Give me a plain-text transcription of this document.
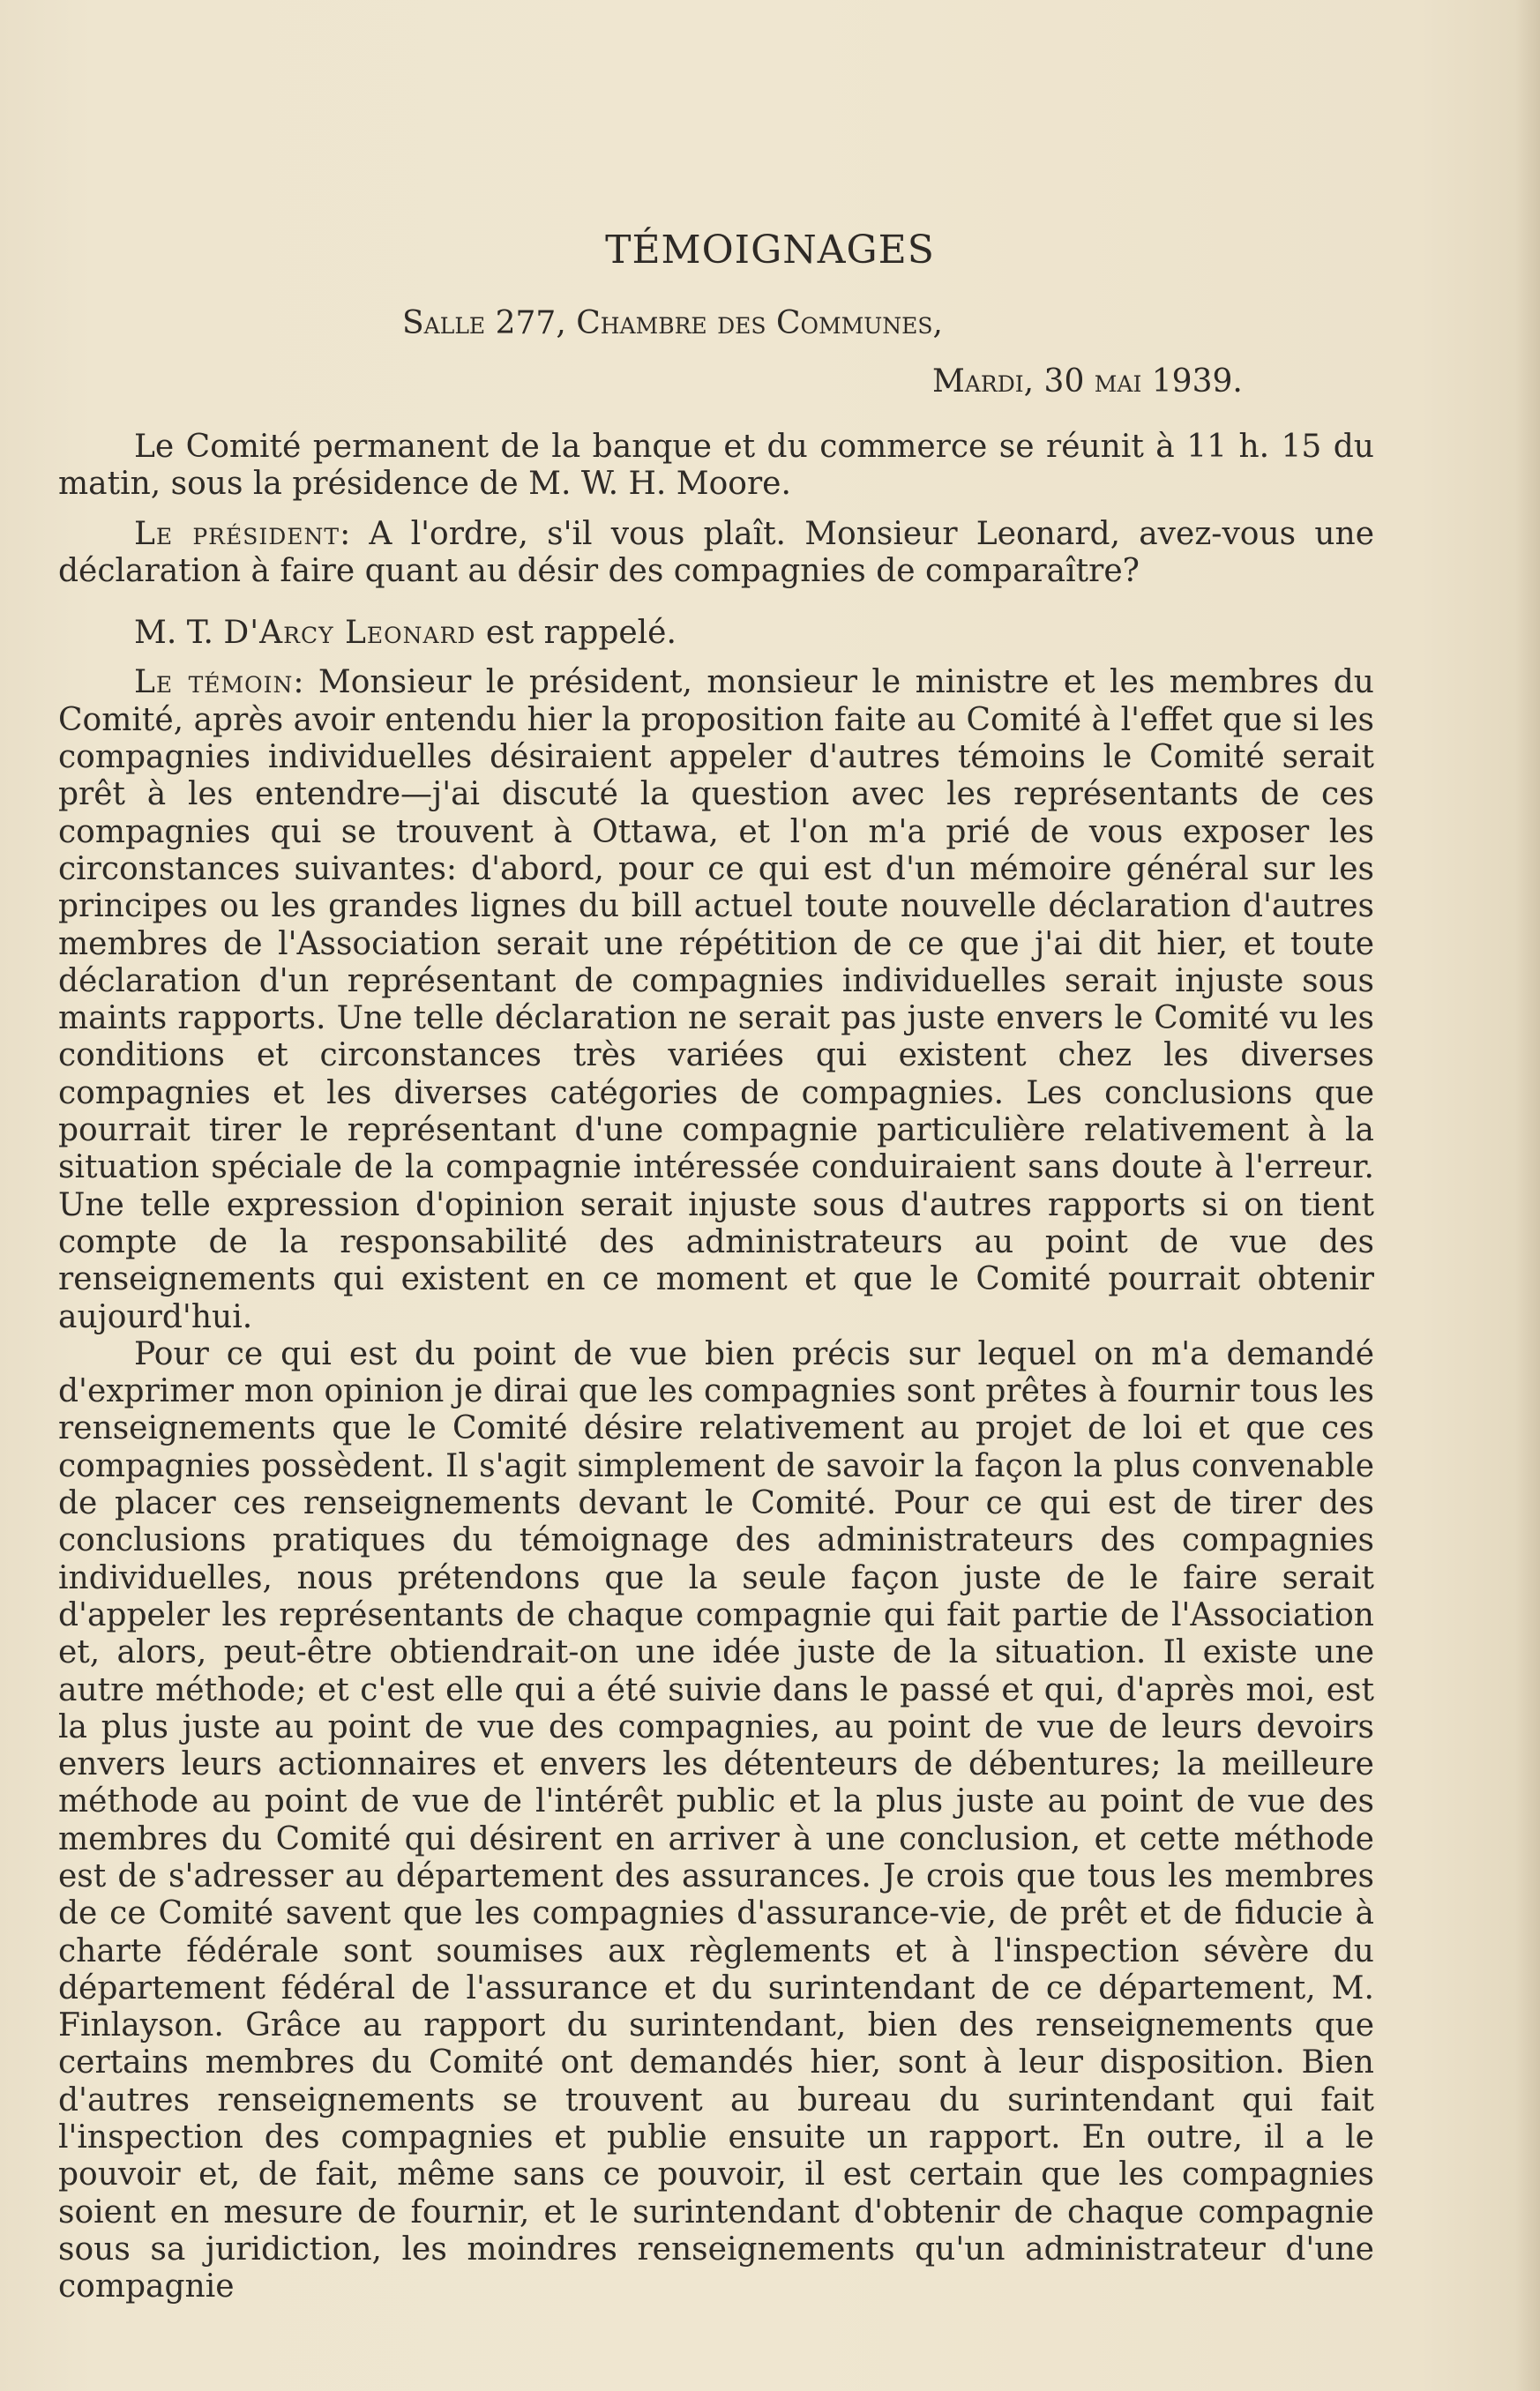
TÉMOIGNAGES

Salle 277, Chambre des Communes,

Mardi, 30 mai 1939.

Le Comité permanent de la banque et du commerce se réunit à 11 h. 15 du matin, sous la présidence de M. W. H. Moore.

Le président: A l'ordre, s'il vous plaît. Monsieur Leonard, avez-vous une déclaration à faire quant au désir des compagnies de comparaître?

M. T. D'Arcy Leonard est rappelé.

Le témoin: Monsieur le président, monsieur le ministre et les membres du Comité, après avoir entendu hier la proposition faite au Comité à l'effet que si les compagnies individuelles désiraient appeler d'autres témoins le Comité serait prêt à les entendre—j'ai discuté la question avec les représentants de ces compagnies qui se trouvent à Ottawa, et l'on m'a prié de vous exposer les circonstances suivantes: d'abord, pour ce qui est d'un mémoire général sur les principes ou les grandes lignes du bill actuel toute nouvelle déclaration d'autres membres de l'Association serait une répétition de ce que j'ai dit hier, et toute déclaration d'un représentant de compagnies individuelles serait injuste sous maints rapports. Une telle déclaration ne serait pas juste envers le Comité vu les conditions et circonstances très variées qui existent chez les diverses compagnies et les diverses catégories de compagnies. Les conclusions que pourrait tirer le représentant d'une compagnie particulière relativement à la situation spéciale de la compagnie intéressée conduiraient sans doute à l'erreur. Une telle expression d'opinion serait injuste sous d'autres rapports si on tient compte de la responsabilité des administrateurs au point de vue des renseignements qui existent en ce moment et que le Comité pourrait obtenir aujourd'hui.

Pour ce qui est du point de vue bien précis sur lequel on m'a demandé d'exprimer mon opinion je dirai que les compagnies sont prêtes à fournir tous les renseignements que le Comité désire relativement au projet de loi et que ces compagnies possèdent. Il s'agit simplement de savoir la façon la plus convenable de placer ces renseignements devant le Comité. Pour ce qui est de tirer des conclusions pratiques du témoignage des administrateurs des compagnies individuelles, nous prétendons que la seule façon juste de le faire serait d'appeler les représentants de chaque compagnie qui fait partie de l'Association et, alors, peut-être obtiendrait-on une idée juste de la situation. Il existe une autre méthode; et c'est elle qui a été suivie dans le passé et qui, d'après moi, est la plus juste au point de vue des compagnies, au point de vue de leurs devoirs envers leurs actionnaires et envers les détenteurs de débentures; la meilleure méthode au point de vue de l'intérêt public et la plus juste au point de vue des membres du Comité qui désirent en arriver à une conclusion, et cette méthode est de s'adresser au département des assurances. Je crois que tous les membres de ce Comité savent que les compagnies d'assurance-vie, de prêt et de fiducie à charte fédérale sont soumises aux règlements et à l'inspection sévère du département fédéral de l'assurance et du surintendant de ce département, M. Finlayson. Grâce au rapport du surintendant, bien des renseignements que certains membres du Comité ont demandés hier, sont à leur disposition. Bien d'autres renseignements se trouvent au bureau du surintendant qui fait l'inspection des compagnies et publie ensuite un rapport. En outre, il a le pouvoir et, de fait, même sans ce pouvoir, il est certain que les compagnies soient en mesure de fournir, et le surintendant d'obtenir de chaque compagnie sous sa juridiction, les moindres renseignements qu'un administrateur d'une compagnie
